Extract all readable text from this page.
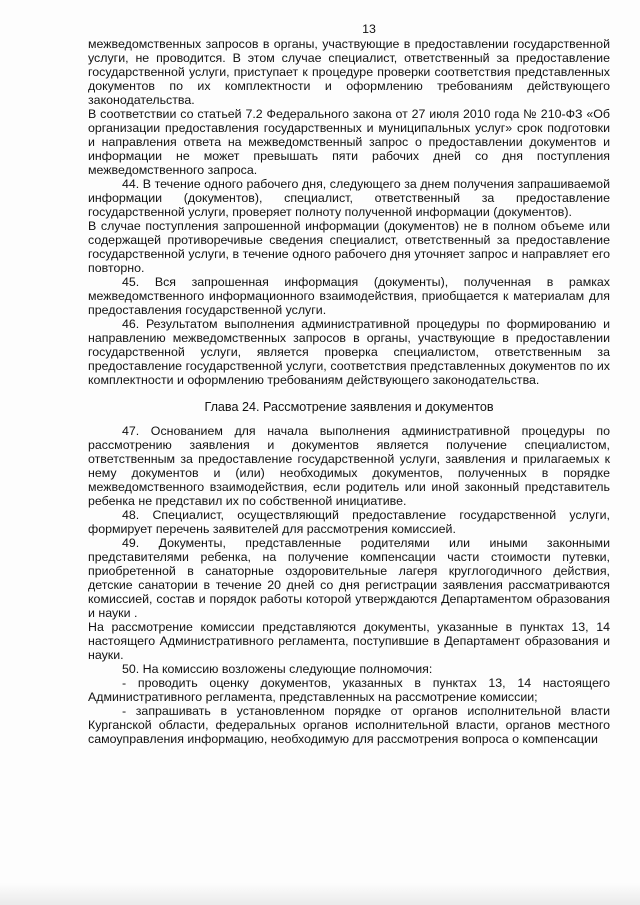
13

межведомственных запросов в органы, участвующие в предоставлении государственной услуги, не проводится. В этом случае специалист, ответственный за предоставление государственной услуги, приступает к процедуре проверки соответствия представленных документов по их комплектности и оформлению требованиям действующего законодательства.

В соответствии со статьей 7.2 Федерального закона от 27 июля 2010 года № 210-ФЗ «Об организации предоставления государственных и муниципальных услуг» срок подготовки и направления ответа на межведомственный запрос о предоставлении документов и информации не может превышать пяти рабочих дней со дня поступления межведомственного запроса.

44. В течение одного рабочего дня, следующего за днем получения запрашиваемой информации (документов), специалист, ответственный за предоставление государственной услуги, проверяет полноту полученной информации (документов).

В случае поступления запрошенной информации (документов) не в полном объеме или содержащей противоречивые сведения специалист, ответственный за предоставление государственной услуги, в течение одного рабочего дня уточняет запрос и направляет его повторно.

45. Вся запрошенная информация (документы), полученная в рамках межведомственного информационного взаимодействия, приобщается к материалам для предоставления государственной услуги.

46. Результатом выполнения административной процедуры по формированию и направлению межведомственных запросов в органы, участвующие в предоставлении государственной услуги, является проверка специалистом, ответственным за предоставление государственной услуги, соответствия представленных документов по их комплектности и оформлению требованиям действующего законодательства.

Глава 24. Рассмотрение заявления и документов

47. Основанием для начала выполнения административной процедуры по рассмотрению заявления и документов является получение специалистом, ответственным за предоставление государственной услуги, заявления и прилагаемых к нему документов и (или) необходимых документов, полученных в порядке межведомственного взаимодействия, если родитель или иной законный представитель ребенка не представил их по собственной инициативе.

48. Специалист, осуществляющий предоставление государственной услуги, формирует перечень заявителей для рассмотрения комиссией.

49. Документы, представленные родителями или иными законными представителями ребенка, на получение компенсации части стоимости путевки, приобретенной в санаторные оздоровительные лагеря круглогодичного действия, детские санатории в течение 20 дней со дня регистрации заявления рассматриваются комиссией, состав и порядок работы которой утверждаются Департаментом образования и науки .

На рассмотрение комиссии представляются документы, указанные в пунктах 13, 14 настоящего Административного регламента, поступившие в Департамент образования и науки.

50. На комиссию возложены следующие полномочия:

- проводить оценку документов, указанных в пунктах 13, 14 настоящего Административного регламента, представленных на рассмотрение комиссии;

- запрашивать в установленном порядке от органов исполнительной власти Курганской области, федеральных органов исполнительной власти, органов местного самоуправления информацию, необходимую для рассмотрения вопроса о компенсации
